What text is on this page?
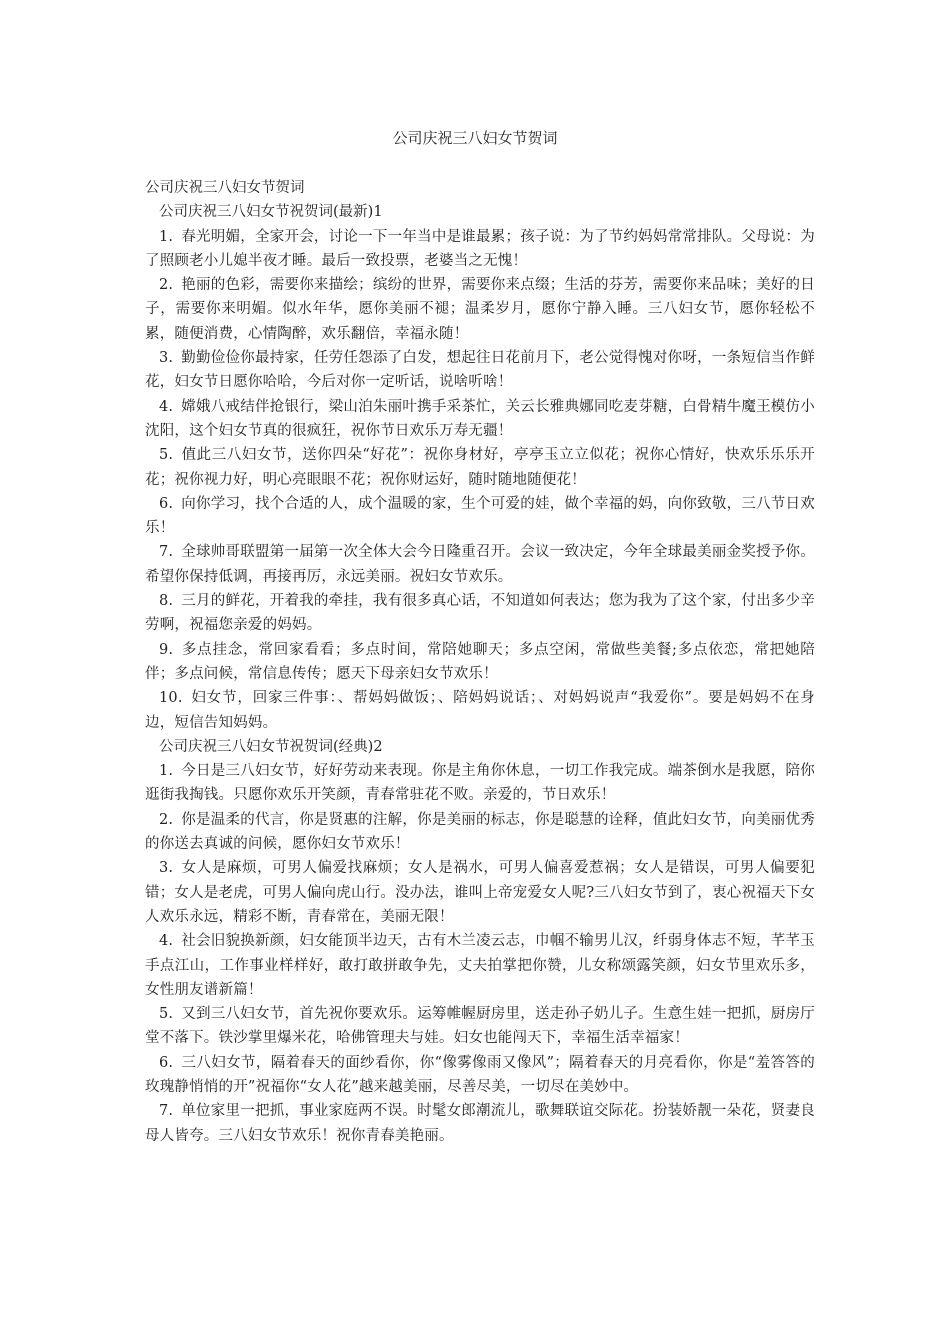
公司庆祝三八妇女节贺词

公司庆祝三八妇女节贺词

公司庆祝三八妇女节祝贺词(最新)1

1. 春光明媚，全家开会，讨论一下一年当中是谁最累；孩子说：为了节约妈妈常常排队。父母说：为了照顾老小儿媳半夜才睡。最后一致投票，老婆当之无愧！
2. 艳丽的色彩，需要你来描绘；缤纷的世界，需要你来点缀；生活的芬芳，需要你来品味；美好的日子，需要你来明媚。似水年华，愿你美丽不褪；温柔岁月，愿你宁静入睡。三八妇女节，愿你轻松不累，随便消费，心情陶醉，欢乐翻倍，幸福永随！
3. 勤勤俭俭你最持家，任劳任怨添了白发，想起往日花前月下，老公觉得愧对你呀，一条短信当作鲜花，妇女节日愿你哈哈，今后对你一定听话，说啥听啥！
4. 嫦娥八戒结伴抢银行，梁山泊朱丽叶携手采茶忙，关云长雅典娜同吃麦芽糖，白骨精牛魔王模仿小沈阳，这个妇女节真的很疯狂，祝你节日欢乐万寿无疆！
5. 值此三八妇女节，送你四朵“好花”：祝你身材好，亭亭玉立立似花；祝你心情好，快欢乐乐乐开花；祝你视力好，明心亮眼眼不花；祝你财运好，随时随地随便花！
6. 向你学习，找个合适的人，成个温暖的家，生个可爱的娃，做个幸福的妈，向你致敬，三八节日欢乐！
7. 全球帅哥联盟第一届第一次全体大会今日隆重召开。会议一致决定，今年全球最美丽金奖授予你。希望你保持低调，再接再厉，永远美丽。祝妇女节欢乐。
8. 三月的鲜花，开着我的牵挂，我有很多真心话，不知道如何表达；您为我为了这个家，付出多少辛劳啊，祝福您亲爱的妈妈。
9. 多点挂念，常回家看看；多点时间，常陪她聊天；多点空闲，常做些美餐;多点依恋，常把她陪伴；多点问候，常信息传传；愿天下母亲妇女节欢乐！
10. 妇女节，回家三件事：、帮妈妈做饭；、陪妈妈说话；、对妈妈说声“我爱你”。要是妈妈不在身边，短信告知妈妈。

公司庆祝三八妇女节祝贺词(经典)2

1. 今日是三八妇女节，好好劳动来表现。你是主角你休息，一切工作我完成。端茶倒水是我愿，陪你逛街我掏钱。只愿你欢乐开笑颜，青春常驻花不败。亲爱的，节日欢乐！
2. 你是温柔的代言，你是贤惠的注解，你是美丽的标志，你是聪慧的诠释，值此妇女节，向美丽优秀的你送去真诚的问候，愿你妇女节欢乐！
3. 女人是麻烦，可男人偏爱找麻烦；女人是祸水，可男人偏喜爱惹祸；女人是错误，可男人偏要犯错；女人是老虎，可男人偏向虎山行。没办法，谁叫上帝宠爱女人呢?三八妇女节到了，衷心祝福天下女人欢乐永远，精彩不断，青春常在，美丽无限！
4. 社会旧貌换新颜，妇女能顶半边天，古有木兰凌云志，巾帼不输男儿汉，纤弱身体志不短，芊芊玉手点江山，工作事业样样好，敢打敢拼敢争先，丈夫拍掌把你赞，儿女称颂露笑颜，妇女节里欢乐多，女性朋友谱新篇！
5. 又到三八妇女节，首先祝你要欢乐。运筹帷幄厨房里，送走孙子奶儿子。生意生娃一把抓，厨房厅堂不落下。铁沙掌里爆米花，哈佛管理夫与娃。妇女也能闯天下，幸福生活幸福家！
6. 三八妇女节，隔着春天的面纱看你，你“像雾像雨又像风”；隔着春天的月亮看你，你是“羞答答的玫瑰静悄悄的开”祝福你“女人花”越来越美丽，尽善尽美，一切尽在美妙中。
7. 单位家里一把抓，事业家庭两不误。时髦女郎潮流儿，歌舞联谊交际花。扮装娇靓一朵花，贤妻良母人皆夸。三八妇女节欢乐！祝你青春美艳丽。
